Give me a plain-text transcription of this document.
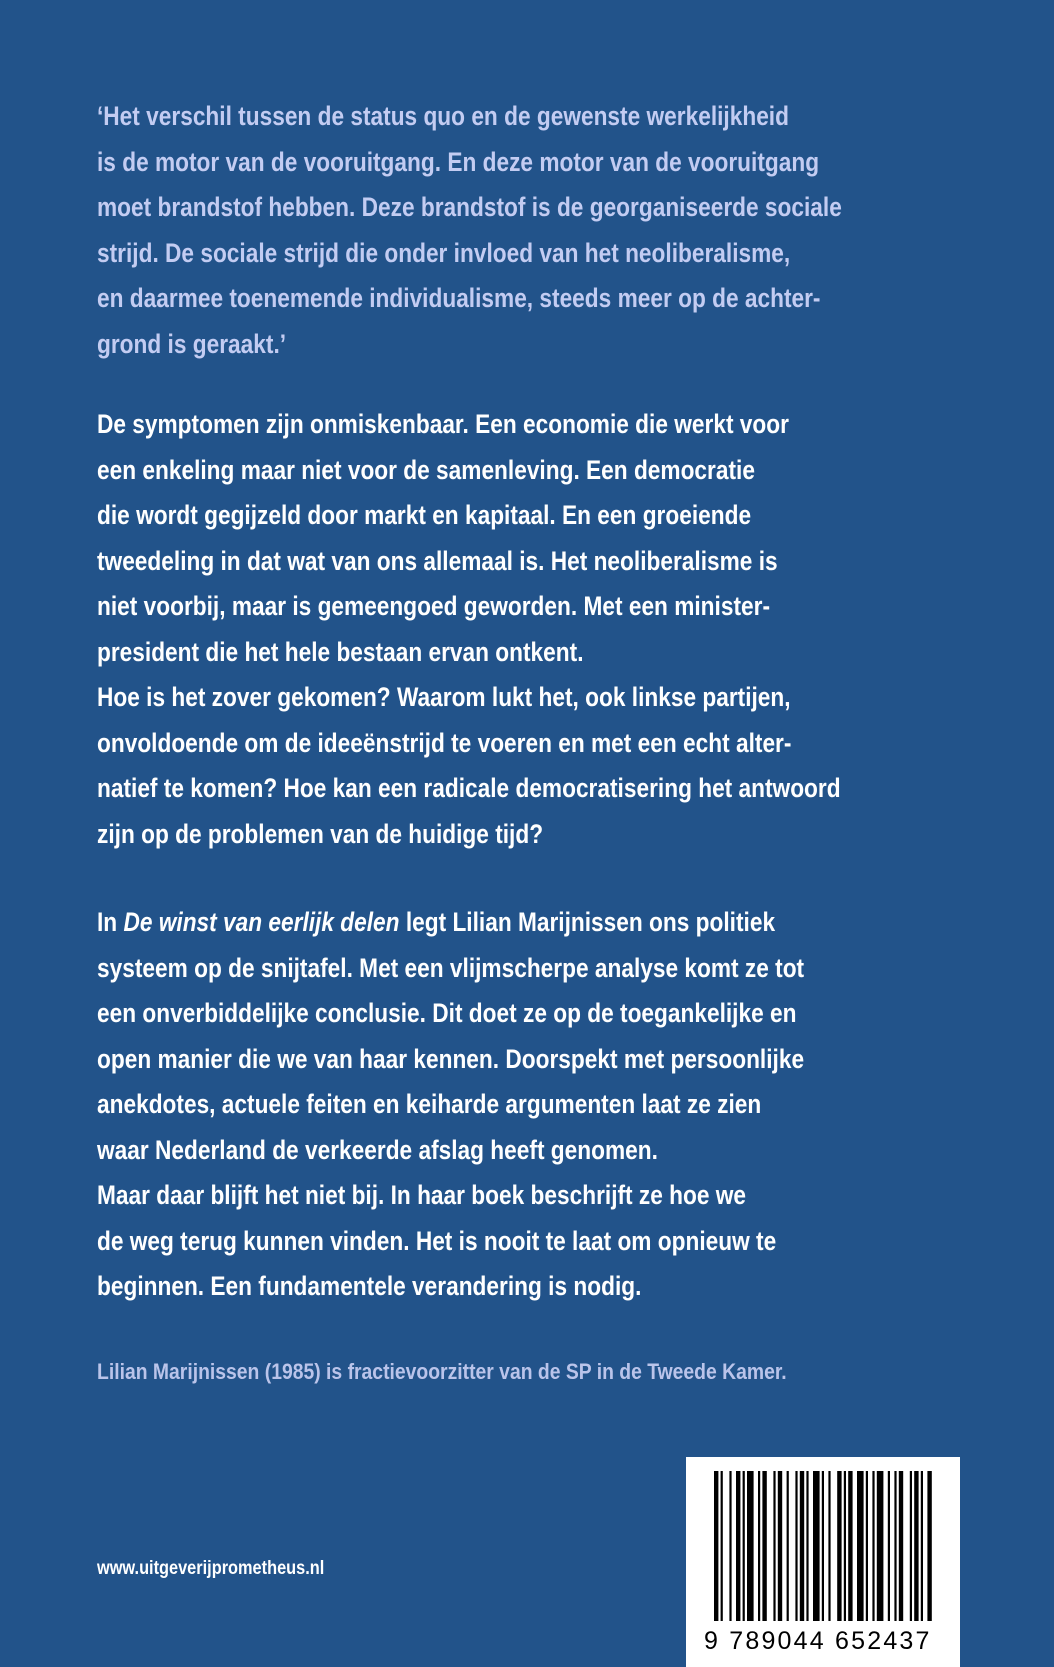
‘Het verschil tussen de status quo en de gewenste werkelijkheid
is de motor van de vooruitgang. En deze motor van de vooruitgang
moet brandstof hebben. Deze brandstof is de georganiseerde sociale
strijd. De sociale strijd die onder invloed van het neoliberalisme,
en daarmee toenemende individualisme, steeds meer op de achter-
grond is geraakt.’
De symptomen zijn onmiskenbaar. Een economie die werkt voor
een enkeling maar niet voor de samenleving. Een democratie
die wordt gegijzeld door markt en kapitaal. En een groeiende
tweedeling in dat wat van ons allemaal is. Het neoliberalisme is
niet voorbij, maar is gemeengoed geworden. Met een minister-
president die het hele bestaan ervan ontkent.
Hoe is het zover gekomen? Waarom lukt het, ook linkse partijen,
onvoldoende om de ideeënstrijd te voeren en met een echt alter-
natief te komen? Hoe kan een radicale democratisering het antwoord
zijn op de problemen van de huidige tijd?
In De winst van eerlijk delen legt Lilian Marijnissen ons politiek
systeem op de snijtafel. Met een vlijmscherpe analyse komt ze tot
een onverbiddelijke conclusie. Dit doet ze op de toegankelijke en
open manier die we van haar kennen. Doorspekt met persoonlijke
anekdotes, actuele feiten en keiharde argumenten laat ze zien
waar Nederland de verkeerde afslag heeft genomen.
Maar daar blijft het niet bij. In haar boek beschrijft ze hoe we
de weg terug kunnen vinden. Het is nooit te laat om opnieuw te
beginnen. Een fundamentele verandering is nodig.
Lilian Marijnissen (1985) is fractievoorzitter van de SP in de Tweede Kamer.
www.uitgeverijprometheus.nl
9 789044 652437
